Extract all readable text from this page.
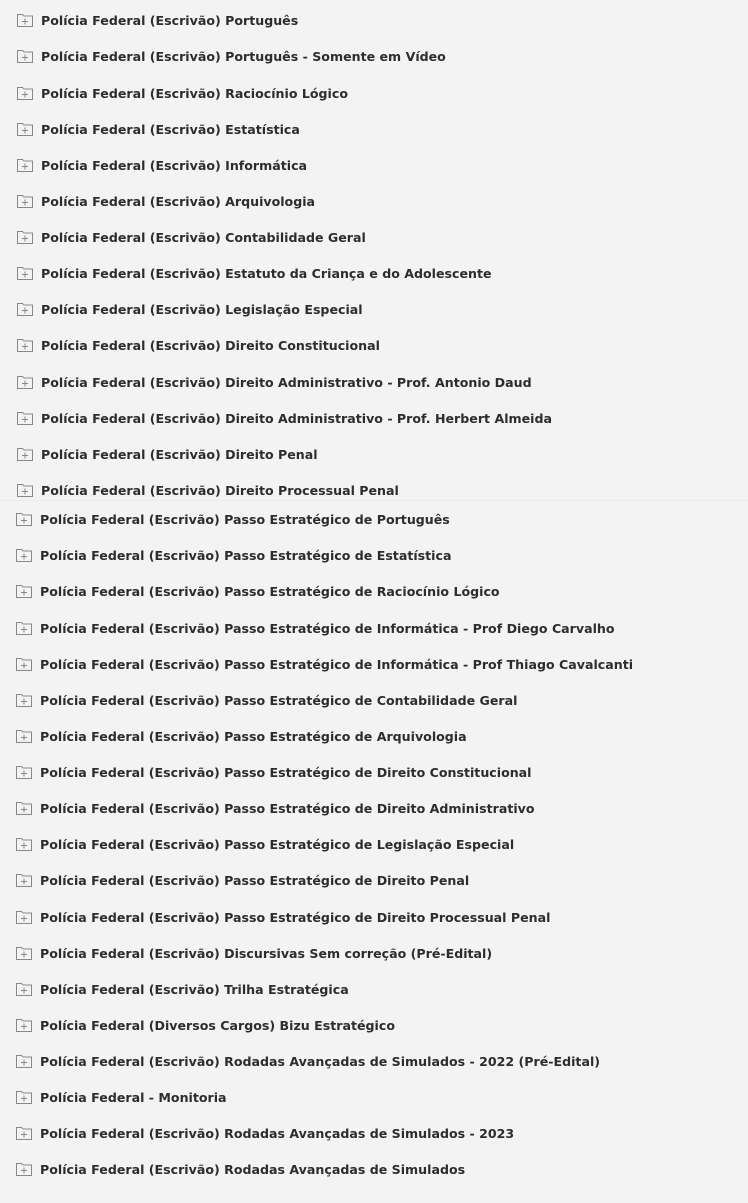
Polícia Federal (Escrivão) Português
Polícia Federal (Escrivão) Português - Somente em Vídeo
Polícia Federal (Escrivão) Raciocínio Lógico
Polícia Federal (Escrivão) Estatística
Polícia Federal (Escrivão) Informática
Polícia Federal (Escrivão) Arquivologia
Polícia Federal (Escrivão) Contabilidade Geral
Polícia Federal (Escrivão) Estatuto da Criança e do Adolescente
Polícia Federal (Escrivão) Legislação Especial
Polícia Federal (Escrivão) Direito Constitucional
Polícia Federal (Escrivão) Direito Administrativo - Prof. Antonio Daud
Polícia Federal (Escrivão) Direito Administrativo - Prof. Herbert Almeida
Polícia Federal (Escrivão) Direito Penal
Polícia Federal (Escrivão) Direito Processual Penal
Polícia Federal (Escrivão) Passo Estratégico de Português
Polícia Federal (Escrivão) Passo Estratégico de Estatística
Polícia Federal (Escrivão) Passo Estratégico de Raciocínio Lógico
Polícia Federal (Escrivão) Passo Estratégico de Informática - Prof Diego Carvalho
Polícia Federal (Escrivão) Passo Estratégico de Informática - Prof Thiago Cavalcanti
Polícia Federal (Escrivão) Passo Estratégico de Contabilidade Geral
Polícia Federal (Escrivão) Passo Estratégico de Arquivologia
Polícia Federal (Escrivão) Passo Estratégico de Direito Constitucional
Polícia Federal (Escrivão) Passo Estratégico de Direito Administrativo
Polícia Federal (Escrivão) Passo Estratégico de Legislação Especial
Polícia Federal (Escrivão) Passo Estratégico de Direito Penal
Polícia Federal (Escrivão) Passo Estratégico de Direito Processual Penal
Polícia Federal (Escrivão) Discursivas Sem correção (Pré-Edital)
Polícia Federal (Escrivão) Trilha Estratégica
Polícia Federal (Diversos Cargos) Bizu Estratégico
Polícia Federal (Escrivão) Rodadas Avançadas de Simulados - 2022 (Pré-Edital)
Polícia Federal - Monitoria
Polícia Federal (Escrivão) Rodadas Avançadas de Simulados - 2023
Polícia Federal (Escrivão) Rodadas Avançadas de Simulados
